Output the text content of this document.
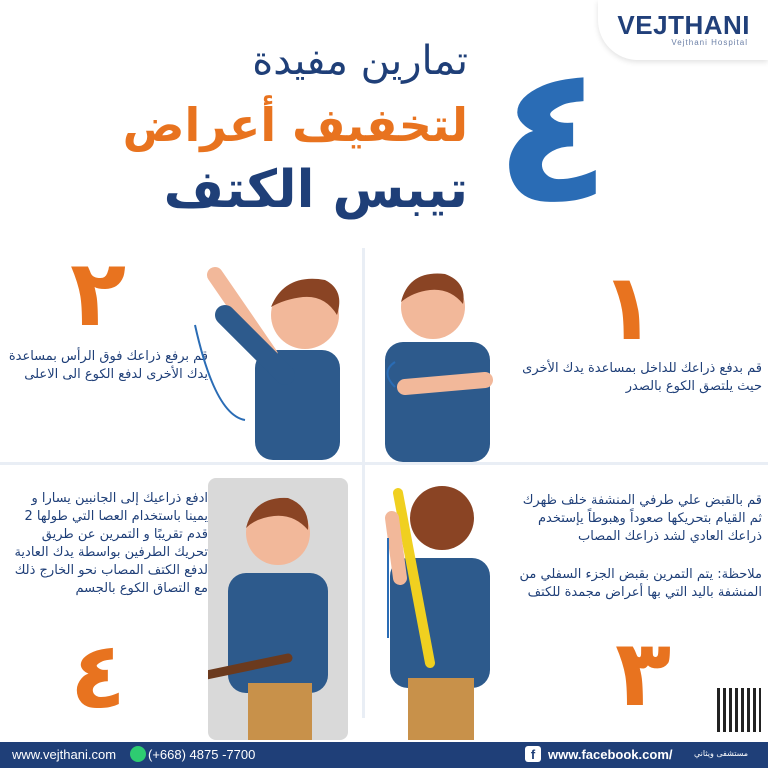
VEJTHANI
Vejthani Hospital
٤
تمارين مفيدة
لتخفيف أعراض
تيبس الكتف
٢
قم برفع ذراعك فوق الرأس بمساعدة يدك الأخرى لدفع الكوع الى الاعلى
١
قم بدفع ذراعك للداخل بمساعدة يدك الأخرى حيث يلتصق الكوع بالصدر
ادفع ذراعيك إلى الجانبين يسارا و يمينا باستخدام العصا التي طولها 2 قدم تقريبًا و التمرين عن طريق تحريك الطرفين بواسطة يدك العادية لدفع الكتف المصاب نحو الخارج ذلك مع التصاق الكوع بالجسم
٤
قم بالقبض علي طرفي المنشفة خلف ظهرك ثم القيام بتحريكها صعوداً وهبوطاً يإستخدم ذراعك العادي لشد ذراعك المصاب
ملاحظة: يتم التمرين بقبض الجزء السفلي من المنشفة باليد التي بها أعراض مجمدة للكتف
٣
www.vejthani.com (+668) 4875 -7700	f www.facebook.com/	مستشفى ويثاني
